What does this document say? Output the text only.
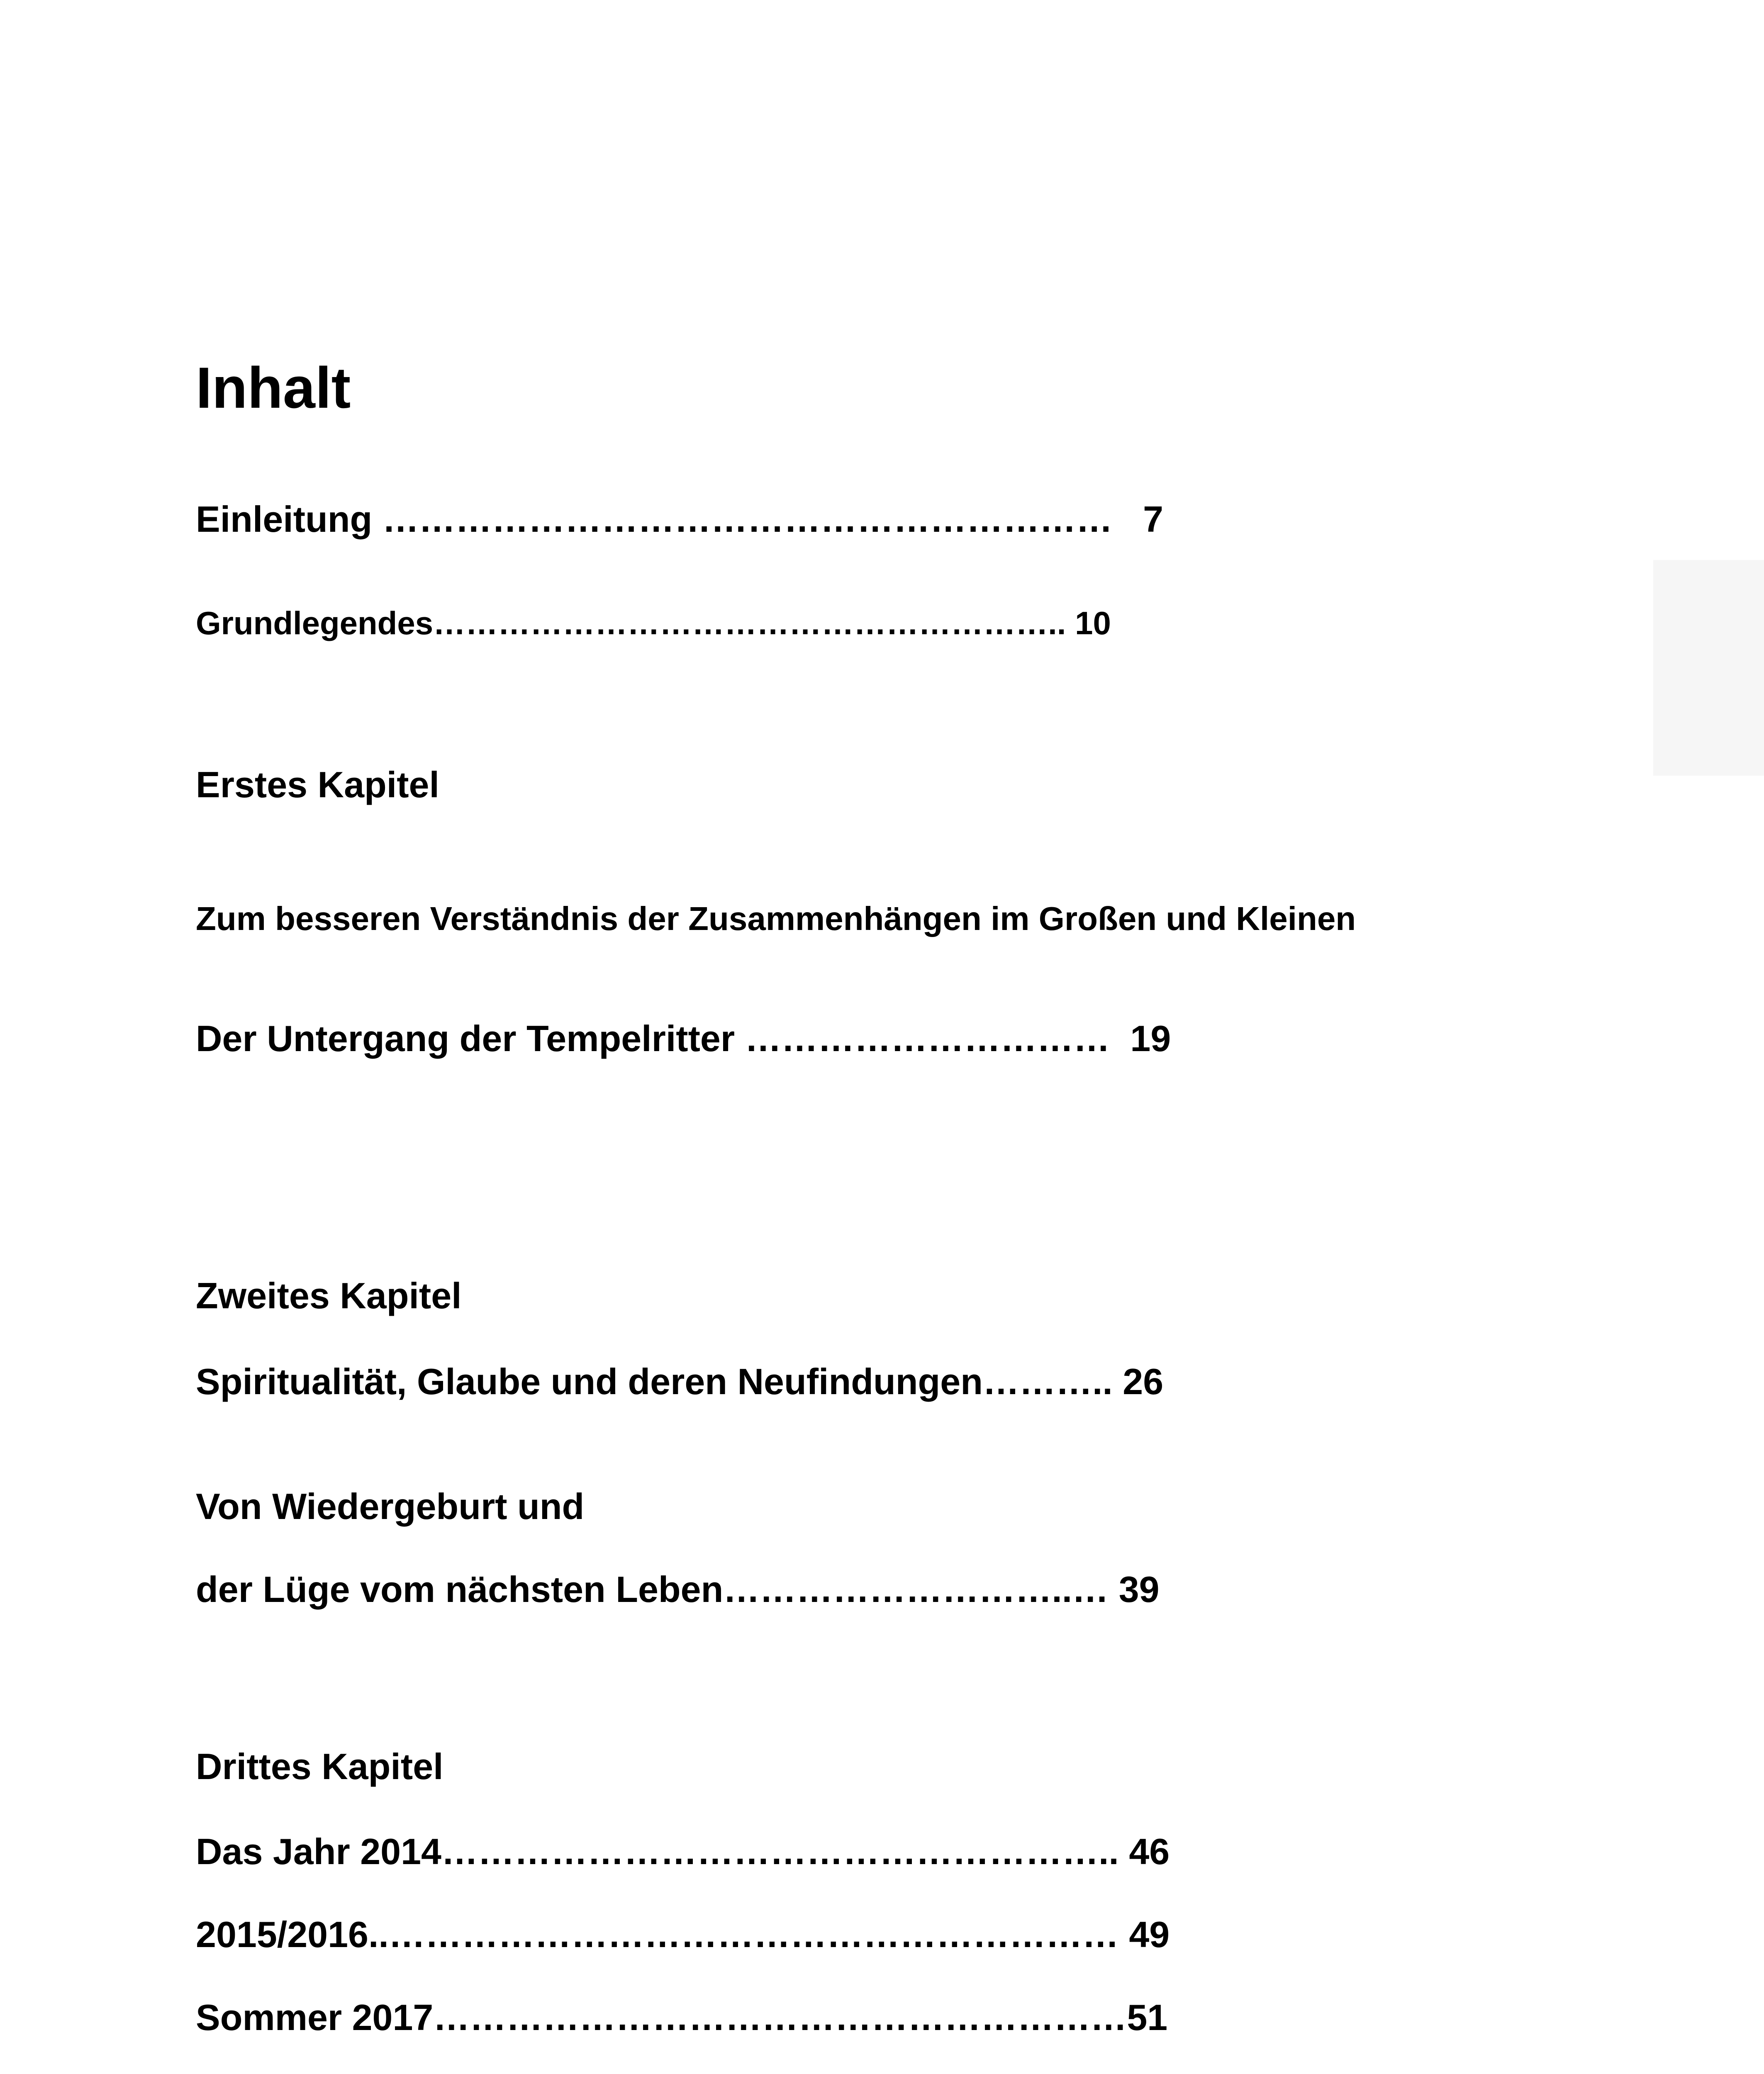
Inhalt
Einleitung ……………………………………………………   7
Grundlegendes………………………………………………….. 10
Erstes Kapitel
Zum besseren Verständnis der Zusammenhängen im Großen und Kleinen
Der Untergang der Tempelritter …………………………  19
Zweites Kapitel
Spiritualität, Glaube und deren Neufindungen……….. 26
Von Wiedergeburt und
der Lüge vom nächsten Leben………………………..… 39
Drittes Kapitel
Das Jahr 2014……………………………………………….. 46
2015/2016..…………………………………………………… 49
Sommer 2017…………………………………………………51
